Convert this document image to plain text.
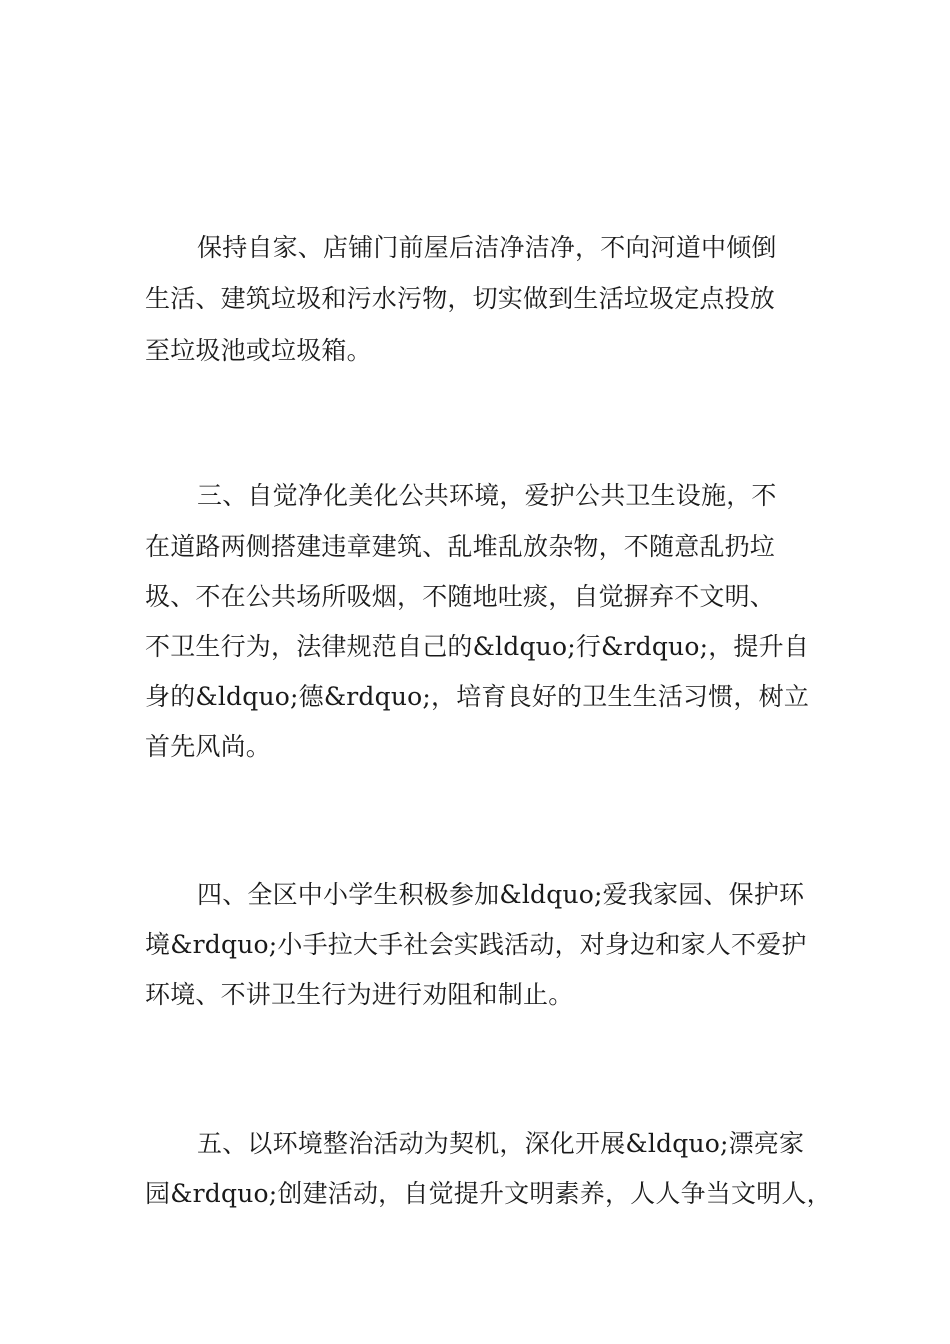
保持自家、店铺门前屋后洁净洁净，不向河道中倾倒
生活、建筑垃圾和污水污物，切实做到生活垃圾定点投放
至垃圾池或垃圾箱。
三、自觉净化美化公共环境，爱护公共卫生设施，不
在道路两侧搭建违章建筑、乱堆乱放杂物，不随意乱扔垃
圾、不在公共场所吸烟，不随地吐痰，自觉摒弃不文明、
不卫生行为，法律规范自己的&ldquo;行&rdquo;，提升自
身的&ldquo;德&rdquo;，培育良好的卫生生活习惯，树立
首先风尚。
四、全区中小学生积极参加&ldquo;爱我家园、保护环
境&rdquo;小手拉大手社会实践活动，对身边和家人不爱护
环境、不讲卫生行为进行劝阻和制止。
五、以环境整治活动为契机，深化开展&ldquo;漂亮家
园&rdquo;创建活动，自觉提升文明素养，人人争当文明人，
